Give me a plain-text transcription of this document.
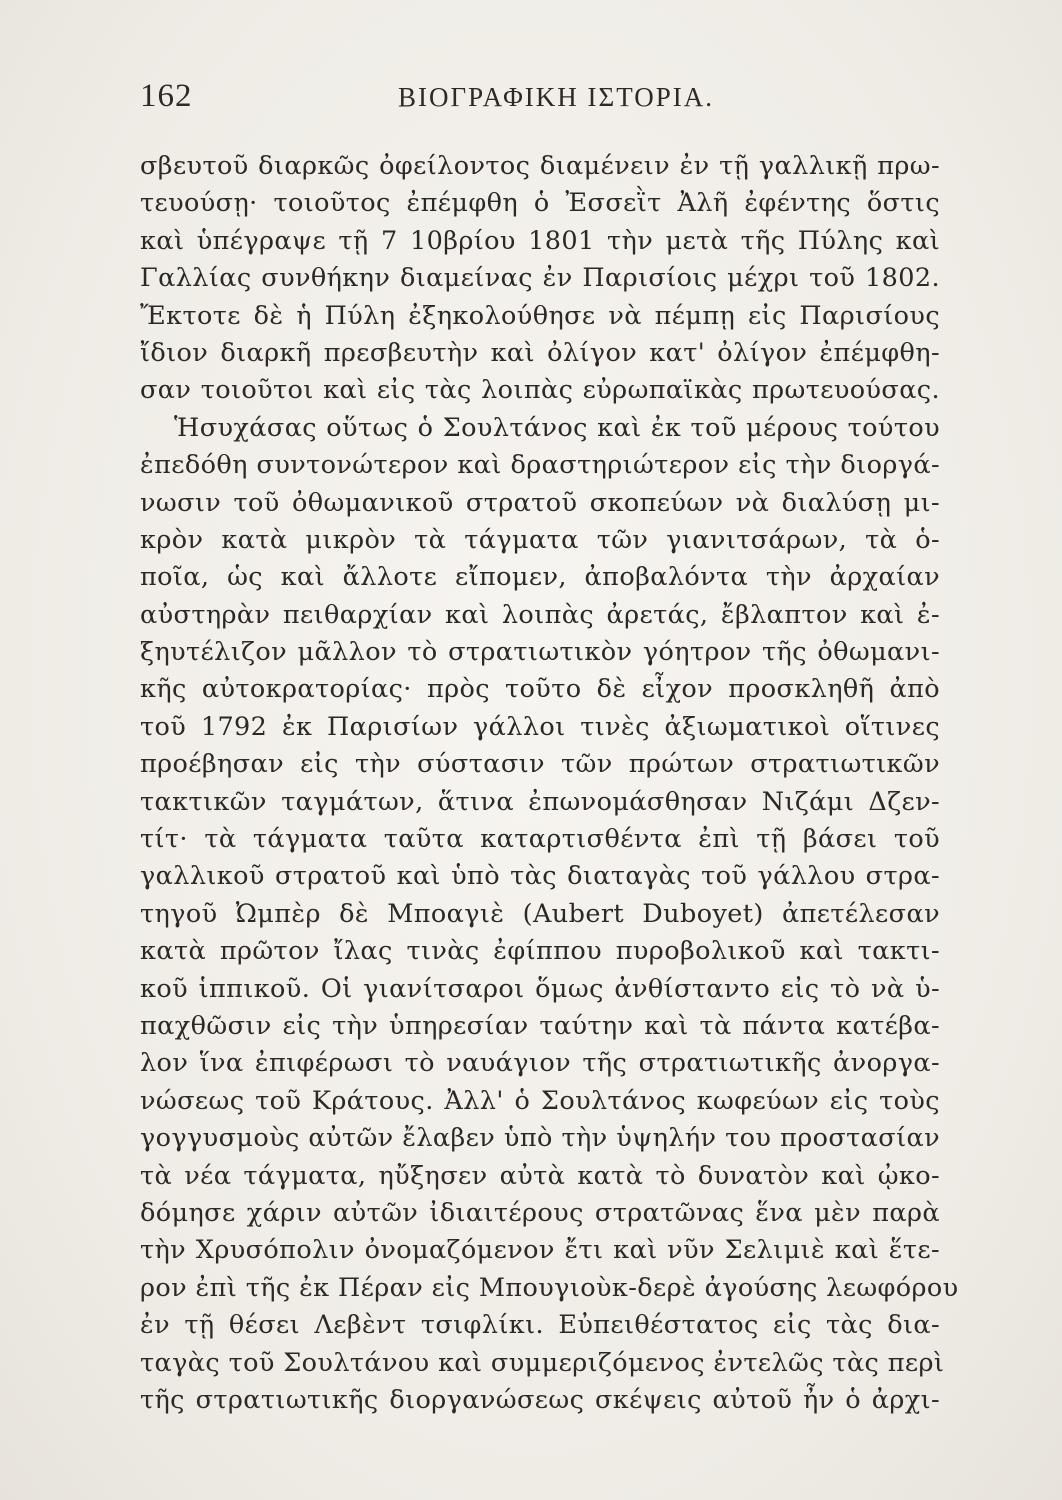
162	ΒΙΟΓΡΑΦΙΚΗ ΙΣΤΟΡΙΑ.
σβευτοῦ διαρκῶς ὀφείλοντος διαμένειν ἐν τῇ γαλλικῇ πρω-
τευούσῃ· τοιοῦτος ἐπέμφθη ὁ Ἐσσεῒτ Ἀλῆ ἐφέντης ὅστις
καὶ ὑπέγραψε τῇ 7 10βρίου 1801 τὴν μετὰ τῆς Πύλης καὶ
Γαλλίας συνθήκην διαμείνας ἐν Παρισίοις μέχρι τοῦ 1802.
Ἔκτοτε δὲ ἡ Πύλη ἐξηκολούθησε νὰ πέμπῃ εἰς Παρισίους
ἴδιον διαρκῆ πρεσβευτὴν καὶ ὀλίγον κατ' ὀλίγον ἐπέμφθη-
σαν τοιοῦτοι καὶ εἰς τὰς λοιπὰς εὐρωπαϊκὰς πρωτευούσας.
Ἡσυχάσας οὕτως ὁ Σουλτάνος καὶ ἐκ τοῦ μέρους τούτου
ἐπεδόθη συντονώτερον καὶ δραστηριώτερον εἰς τὴν διοργά-
νωσιν τοῦ ὀθωμανικοῦ στρατοῦ σκοπεύων νὰ διαλύσῃ μι-
κρὸν κατὰ μικρὸν τὰ τάγματα τῶν γιανιτσάρων, τὰ ὁ-
ποῖα, ὡς καὶ ἄλλοτε εἴπομεν, ἀποβαλόντα τὴν ἀρχαίαν
αὐστηρὰν πειθαρχίαν καὶ λοιπὰς ἀρετάς, ἔβλαπτον καὶ ἐ-
ξηυτέλιζον μᾶλλον τὸ στρατιωτικὸν γόητρον τῆς ὀθωμανι-
κῆς αὐτοκρατορίας· πρὸς τοῦτο δὲ εἶχον προσκληθῆ ἀπὸ
τοῦ 1792 ἐκ Παρισίων γάλλοι τινὲς ἀξιωματικοὶ οἵτινες
προέβησαν εἰς τὴν σύστασιν τῶν πρώτων στρατιωτικῶν
τακτικῶν ταγμάτων, ἅτινα ἐπωνομάσθησαν Νιζάμι Δζεν-
τίτ· τὰ τάγματα ταῦτα καταρτισθέντα ἐπὶ τῇ βάσει τοῦ
γαλλικοῦ στρατοῦ καὶ ὑπὸ τὰς διαταγὰς τοῦ γάλλου στρα-
τηγοῦ Ὠμπὲρ δὲ Μποαγιὲ (Aubert Duboyet) ἀπετέλεσαν
κατὰ πρῶτον ἴλας τινὰς ἐφίππου πυροβολικοῦ καὶ τακτι-
κοῦ ἱππικοῦ. Οἱ γιανίτσαροι ὅμως ἀνθίσταντο εἰς τὸ νὰ ὑ-
παχθῶσιν εἰς τὴν ὑπηρεσίαν ταύτην καὶ τὰ πάντα κατέβα-
λον ἵνα ἐπιφέρωσι τὸ ναυάγιον τῆς στρατιωτικῆς ἀνοργα-
νώσεως τοῦ Κράτους. Ἀλλ' ὁ Σουλτάνος κωφεύων εἰς τοὺς
γογγυσμοὺς αὐτῶν ἔλαβεν ὑπὸ τὴν ὑψηλήν του προστασίαν
τὰ νέα τάγματα, ηὔξησεν αὐτὰ κατὰ τὸ δυνατὸν καὶ ᾠκο-
δόμησε χάριν αὐτῶν ἰδιαιτέρους στρατῶνας ἕνα μὲν παρὰ
τὴν Χρυσόπολιν ὀνομαζόμενον ἔτι καὶ νῦν Σελιμιὲ καὶ ἕτε-
ρον ἐπὶ τῆς ἐκ Πέραν εἰς Μπουγιοὺκ-δερὲ ἀγούσης λεωφόρου
ἐν τῇ θέσει Λεβὲντ τσιφλίκι. Εὐπειθέστατος εἰς τὰς δια-
ταγὰς τοῦ Σουλτάνου καὶ συμμεριζόμενος ἐντελῶς τὰς περὶ
τῆς στρατιωτικῆς διοργανώσεως σκέψεις αὐτοῦ ἦν ὁ ἀρχι-
